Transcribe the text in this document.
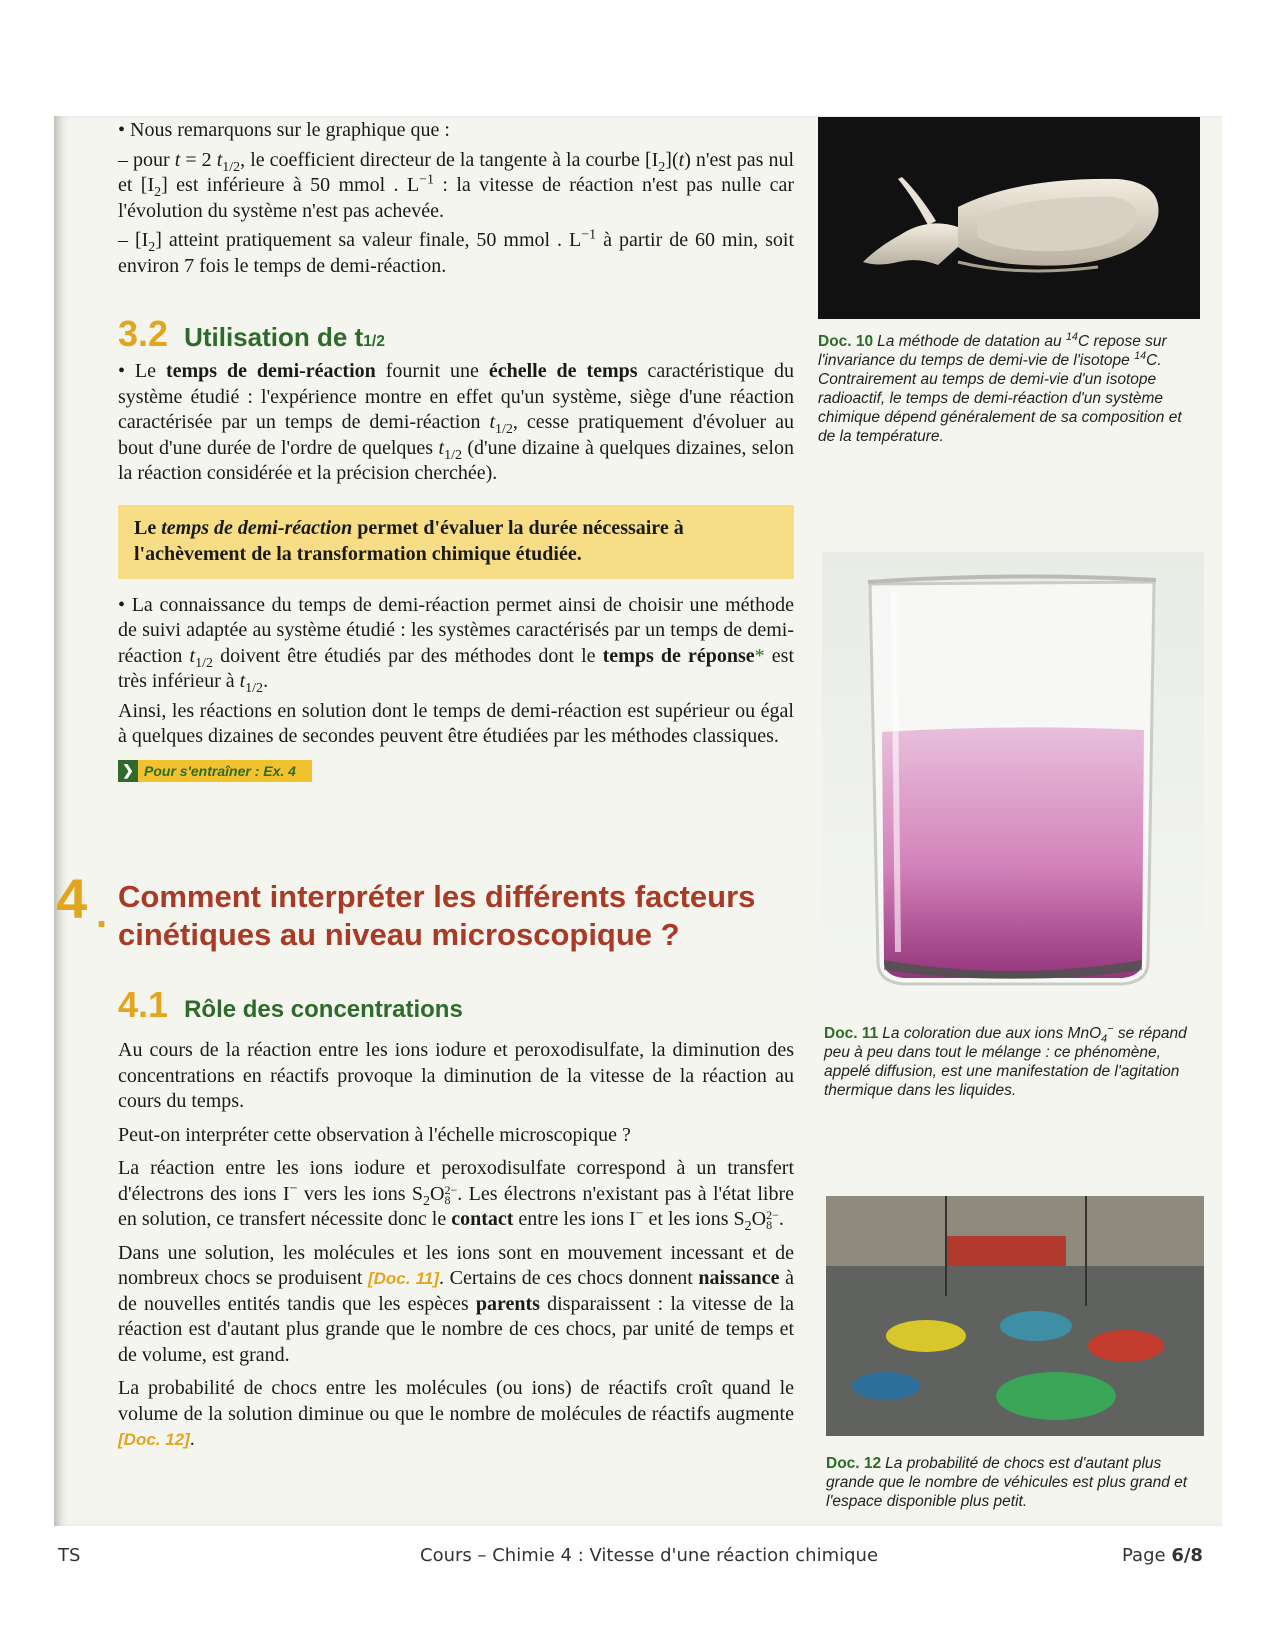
• Nous remarquons sur le graphique que :

– pour t = 2 $t_{1/2}$, le coefficient directeur de la tangente à la courbe $[I_2](t)$ n'est pas nul et $[I_2]$ est inférieure à 50 mmol . $L^{-1}$ : la vitesse de réaction n'est pas nulle car l'évolution du système n'est pas achevée.

– $[I_2]$ atteint pratiquement sa valeur finale, 50 mmol . $L^{-1}$ à partir de 60 min, soit environ 7 fois le temps de demi-réaction.

3.2 Utilisation de t 1/2

• Le temps de demi-réaction fournit une échelle de temps caractéristique du système étudié : l'expérience montre en effet qu'un système, siège d'une réaction caractérisée par un temps de demi-réaction $t_{1/2}$, cesse pratiquement d'évoluer au bout d'une durée de l'ordre de quelques $t_{1/2}$ (d'une dizaine à quelques dizaines, selon la réaction considérée et la précision cherchée).

Le temps de demi-réaction permet d'évaluer la durée nécessaire à l'achèvement de la transformation chimique étudiée.

• La connaissance du temps de demi-réaction permet ainsi de choisir une méthode de suivi adaptée au système étudié : les systèmes caractérisés par un temps de demi-réaction $t_{1/2}$ doivent être étudiés par des méthodes dont le temps de réponse* est très inférieur à $t_{1/2}$.

Ainsi, les réactions en solution dont le temps de demi-réaction est supérieur ou égal à quelques dizaines de secondes peuvent être étudiées par les méthodes classiques.

❯ Pour s'entraîner : Ex. 4
4 . Comment interpréter les différents facteurs cinétiques au niveau microscopique ?
4.1 Rôle des concentrations

Au cours de la réaction entre les ions iodure et peroxodisulfate, la diminution des concentrations en réactifs provoque la diminution de la vitesse de la réaction au cours du temps.

Peut-on interpréter cette observation à l'échelle microscopique ?

La réaction entre les ions iodure et peroxodisulfate correspond à un transfert d'électrons des ions I− vers les ions $S_2O$ 2−
8 . Les électrons n'existant pas à l'état libre en solution, ce transfert nécessite donc le contact entre les ions I− et les ions $S_2O$ 2−
8 .

Dans une solution, les molécules et les ions sont en mouvement incessant et de nombreux chocs se produisent [Doc. 11]. Certains de ces chocs donnent naissance à de nouvelles entités tandis que les espèces parents disparaissent : la vitesse de la réaction est d'autant plus grande que le nombre de ces chocs, par unité de temps et de volume, est grand.

La probabilité de chocs entre les molécules (ou ions) de réactifs croît quand le volume de la solution diminue ou que le nombre de molécules de réactifs augmente [Doc. 12].

Doc. 10 La méthode de datation au $^{14}$C repose sur l'invariance du temps de demi-vie de l'isotope $^{14}$C. Contrairement au temps de demi-vie d'un isotope radioactif, le temps de demi-réaction d'un système chimique dépend généralement de sa composition et de la température.
Doc. 11 La coloration due aux ions MnO$_4$− se répand peu à peu dans tout le mélange : ce phénomène, appelé diffusion, est une manifestation de l'agitation thermique dans les liquides.
Doc. 12 La probabilité de chocs est d'autant plus grande que le nombre de véhicules est plus grand et l'espace disponible plus petit.
TS	Cours – Chimie 4 : Vitesse d'une réaction chimique	Page 6/8
